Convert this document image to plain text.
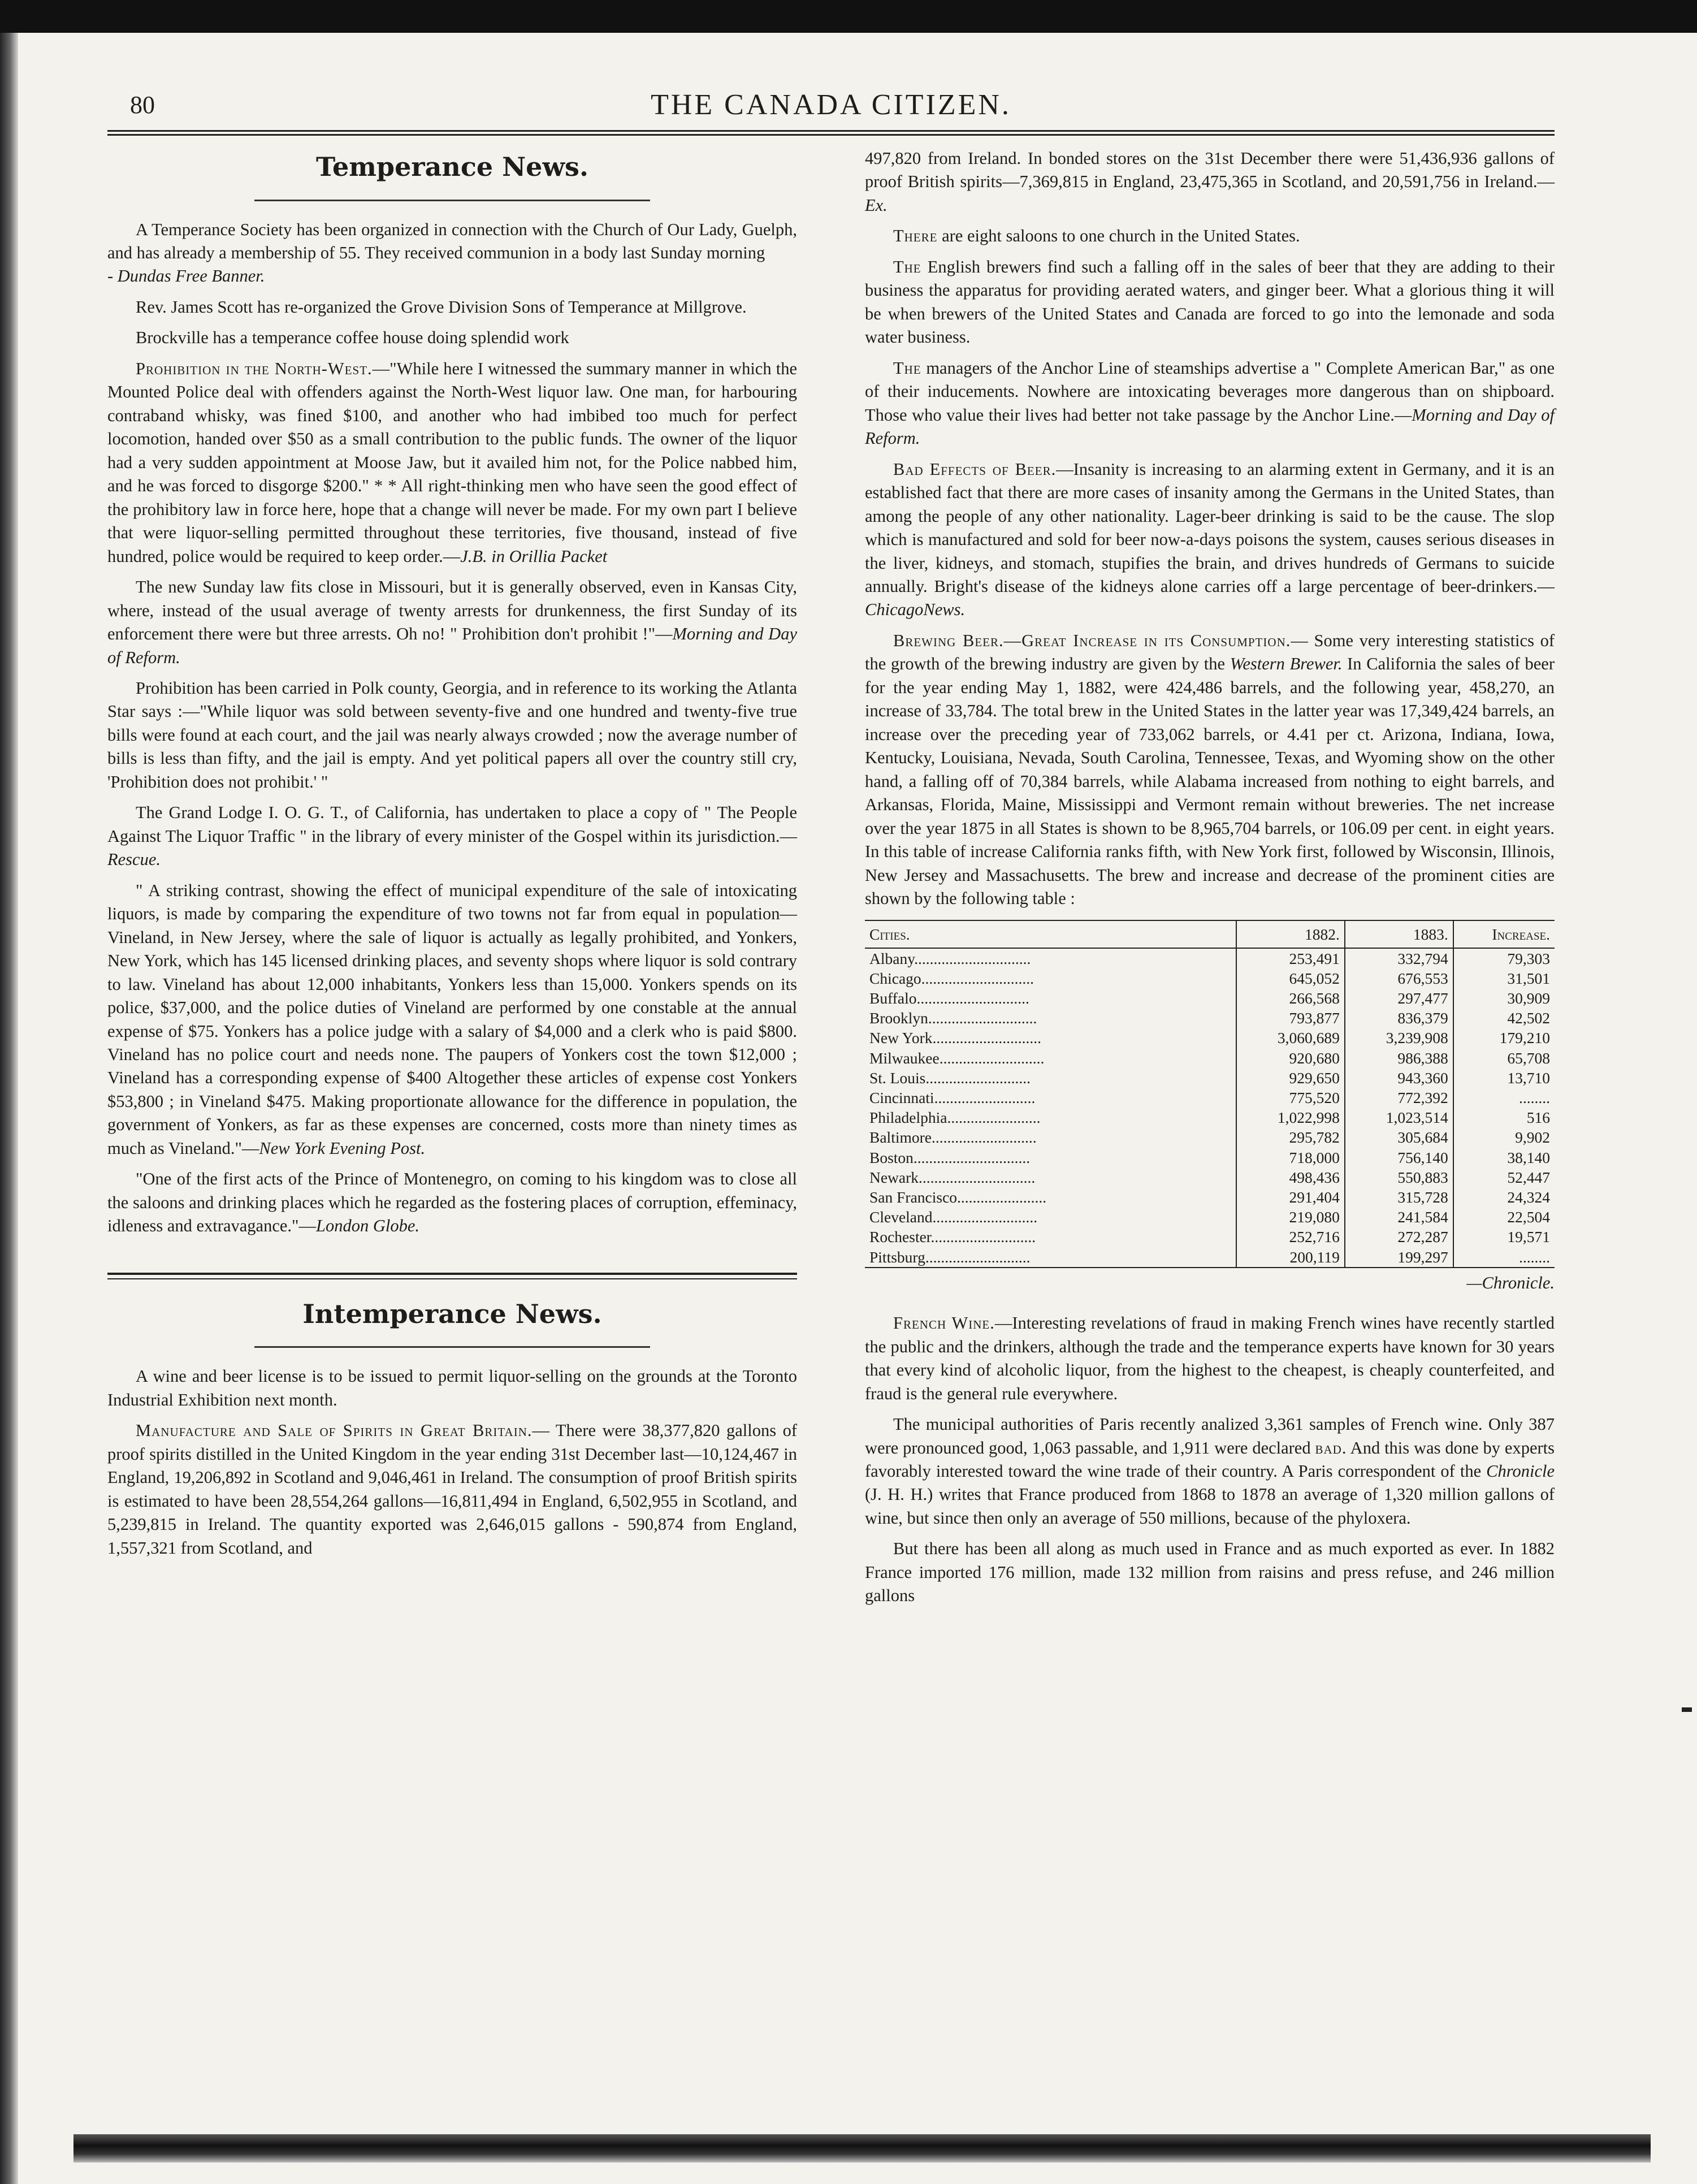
80	THE CANADA CITIZEN.
Temperance News.

A Temperance Society has been organized in connection with the Church of Our Lady, Guelph, and has already a membership of 55. They received communion in a body last Sunday morning
- Dundas Free Banner.

Rev. James Scott has re-organized the Grove Division Sons of Temperance at Millgrove.

Brockville has a temperance coffee house doing splendid work

Prohibition in the North-West.—"While here I witnessed the summary manner in which the Mounted Police deal with offenders against the North-West liquor law. One man, for harbouring contraband whisky, was fined $100, and another who had imbibed too much for perfect locomotion, handed over $50 as a small contribution to the public funds. The owner of the liquor had a very sudden appointment at Moose Jaw, but it availed him not, for the Police nabbed him, and he was forced to disgorge $200." * * All right-thinking men who have seen the good effect of the prohibitory law in force here, hope that a change will never be made. For my own part I believe that were liquor-selling permitted throughout these territories, five thousand, instead of five hundred, police would be required to keep order.—J.B. in Orillia Packet

The new Sunday law fits close in Missouri, but it is generally observed, even in Kansas City, where, instead of the usual average of twenty arrests for drunkenness, the first Sunday of its enforcement there were but three arrests. Oh no! " Prohibition don't prohibit !"—Morning and Day of Reform.

Prohibition has been carried in Polk county, Georgia, and in reference to its working the Atlanta Star says :—"While liquor was sold between seventy-five and one hundred and twenty-five true bills were found at each court, and the jail was nearly always crowded ; now the average number of bills is less than fifty, and the jail is empty. And yet political papers all over the country still cry, 'Prohibition does not prohibit.' "

The Grand Lodge I. O. G. T., of California, has undertaken to place a copy of " The People Against The Liquor Traffic " in the library of every minister of the Gospel within its jurisdiction.—Rescue.

" A striking contrast, showing the effect of municipal expenditure of the sale of intoxicating liquors, is made by comparing the expenditure of two towns not far from equal in population—Vineland, in New Jersey, where the sale of liquor is actually as legally prohibited, and Yonkers, New York, which has 145 licensed drinking places, and seventy shops where liquor is sold contrary to law. Vineland has about 12,000 inhabitants, Yonkers less than 15,000. Yonkers spends on its police, $37,000, and the police duties of Vineland are performed by one constable at the annual expense of $75. Yonkers has a police judge with a salary of $4,000 and a clerk who is paid $800. Vineland has no police court and needs none. The paupers of Yonkers cost the town $12,000 ; Vineland has a corresponding expense of $400 Altogether these articles of expense cost Yonkers $53,800 ; in Vineland $475. Making proportionate allowance for the difference in population, the government of Yonkers, as far as these expenses are concerned, costs more than ninety times as much as Vineland."—New York Evening Post.

"One of the first acts of the Prince of Montenegro, on coming to his kingdom was to close all the saloons and drinking places which he regarded as the fostering places of corruption, effeminacy, idleness and extravagance."—London Globe.

Intemperance News.

A wine and beer license is to be issued to permit liquor-selling on the grounds at the Toronto Industrial Exhibition next month.

Manufacture and Sale of Spirits in Great Britain.— There were 38,377,820 gallons of proof spirits distilled in the United Kingdom in the year ending 31st December last—10,124,467 in England, 19,206,892 in Scotland and 9,046,461 in Ireland. The consumption of proof British spirits is estimated to have been 28,554,264 gallons—16,811,494 in England, 6,502,955 in Scotland, and 5,239,815 in Ireland. The quantity exported was 2,646,015 gallons - 590,874 from England, 1,557,321 from Scotland, and

497,820 from Ireland. In bonded stores on the 31st December there were 51,436,936 gallons of proof British spirits—7,369,815 in England, 23,475,365 in Scotland, and 20,591,756 in Ireland.—Ex.

There are eight saloons to one church in the United States.

The English brewers find such a falling off in the sales of beer that they are adding to their business the apparatus for providing aerated waters, and ginger beer. What a glorious thing it will be when brewers of the United States and Canada are forced to go into the lemonade and soda water business.

The managers of the Anchor Line of steamships advertise a " Complete American Bar," as one of their inducements. Nowhere are intoxicating beverages more dangerous than on shipboard. Those who value their lives had better not take passage by the Anchor Line.—Morning and Day of Reform.

Bad Effects of Beer.—Insanity is increasing to an alarming extent in Germany, and it is an established fact that there are more cases of insanity among the Germans in the United States, than among the people of any other nationality. Lager-beer drinking is said to be the cause. The slop which is manufactured and sold for beer now-a-days poisons the system, causes serious diseases in the liver, kidneys, and stomach, stupifies the brain, and drives hundreds of Germans to suicide annually. Bright's disease of the kidneys alone carries off a large percentage of beer-drinkers.—ChicagoNews.

Brewing Beer.—Great Increase in its Consumption.— Some very interesting statistics of the growth of the brewing industry are given by the Western Brewer. In California the sales of beer for the year ending May 1, 1882, were 424,486 barrels, and the following year, 458,270, an increase of 33,784. The total brew in the United States in the latter year was 17,349,424 barrels, an increase over the preceding year of 733,062 barrels, or 4.41 per ct. Arizona, Indiana, Iowa, Kentucky, Louisiana, Nevada, South Carolina, Tennessee, Texas, and Wyoming show on the other hand, a falling off of 70,384 barrels, while Alabama increased from nothing to eight barrels, and Arkansas, Florida, Maine, Mississippi and Vermont remain without breweries. The net increase over the year 1875 in all States is shown to be 8,965,704 barrels, or 106.09 per cent. in eight years. In this table of increase California ranks fifth, with New York first, followed by Wisconsin, Illinois, New Jersey and Massachusetts. The brew and increase and decrease of the prominent cities are shown by the following table :

Cities.	1882.	1883.	Increase.
Albany..............................	253,491	332,794	79,303
Chicago.............................	645,052	676,553	31,501
Buffalo.............................	266,568	297,477	30,909
Brooklyn............................	793,877	836,379	42,502
New York............................	3,060,689	3,239,908	179,210
Milwaukee...........................	920,680	986,388	65,708
St. Louis...........................	929,650	943,360	13,710
Cincinnati..........................	775,520	772,392	........
Philadelphia........................	1,022,998	1,023,514	516
Baltimore...........................	295,782	305,684	9,902
Boston..............................	718,000	756,140	38,140
Newark..............................	498,436	550,883	52,447
San Francisco.......................	291,404	315,728	24,324
Cleveland...........................	219,080	241,584	22,504
Rochester...........................	252,716	272,287	19,571
Pittsburg...........................	200,119	199,297	........
—Chronicle.

French Wine.—Interesting revelations of fraud in making French wines have recently startled the public and the drinkers, although the trade and the temperance experts have known for 30 years that every kind of alcoholic liquor, from the highest to the cheapest, is cheaply counterfeited, and fraud is the general rule everywhere.

The municipal authorities of Paris recently analized 3,361 samples of French wine. Only 387 were pronounced good, 1,063 passable, and 1,911 were declared bad. And this was done by experts favorably interested toward the wine trade of their country. A Paris correspondent of the Chronicle (J. H. H.) writes that France produced from 1868 to 1878 an average of 1,320 million gallons of wine, but since then only an average of 550 millions, because of the phyloxera.

But there has been all along as much used in France and as much exported as ever. In 1882 France imported 176 million, made 132 million from raisins and press refuse, and 246 million gallons
